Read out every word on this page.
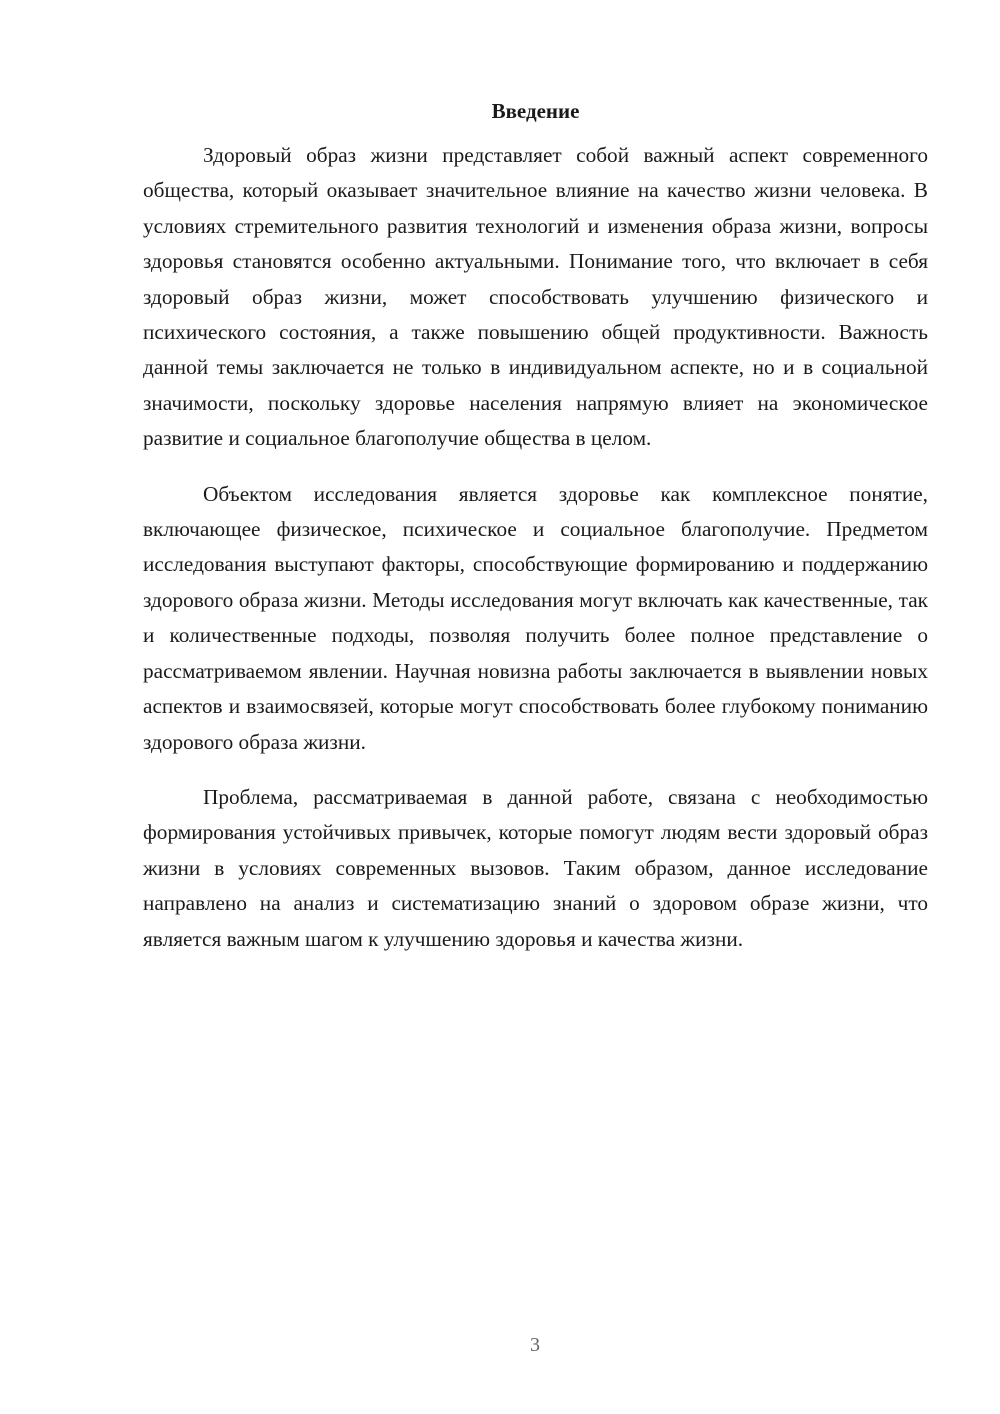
Введение

Здоровый образ жизни представляет собой важный аспект современного общества, который оказывает значительное влияние на качество жизни человека. В условиях стремительного развития технологий и изменения образа жизни, вопросы здоровья становятся особенно актуальными. Понимание того, что включает в себя здоровый образ жизни, может способствовать улучшению физического и психического состояния, а также повышению общей продуктивности. Важность данной темы заключается не только в индивидуальном аспекте, но и в социальной значимости, поскольку здоровье населения напрямую влияет на экономическое развитие и социальное благополучие общества в целом.

Объектом исследования является здоровье как комплексное понятие, включающее физическое, психическое и социальное благополучие. Предметом исследования выступают факторы, способствующие формированию и поддержанию здорового образа жизни. Методы исследования могут включать как качественные, так и количественные подходы, позволяя получить более полное представление о рассматриваемом явлении. Научная новизна работы заключается в выявлении новых аспектов и взаимосвязей, которые могут способствовать более глубокому пониманию здорового образа жизни.

Проблема, рассматриваемая в данной работе, связана с необходимостью формирования устойчивых привычек, которые помогут людям вести здоровый образ жизни в условиях современных вызовов. Таким образом, данное исследование направлено на анализ и систематизацию знаний о здоровом образе жизни, что является важным шагом к улучшению здоровья и качества жизни.

3
